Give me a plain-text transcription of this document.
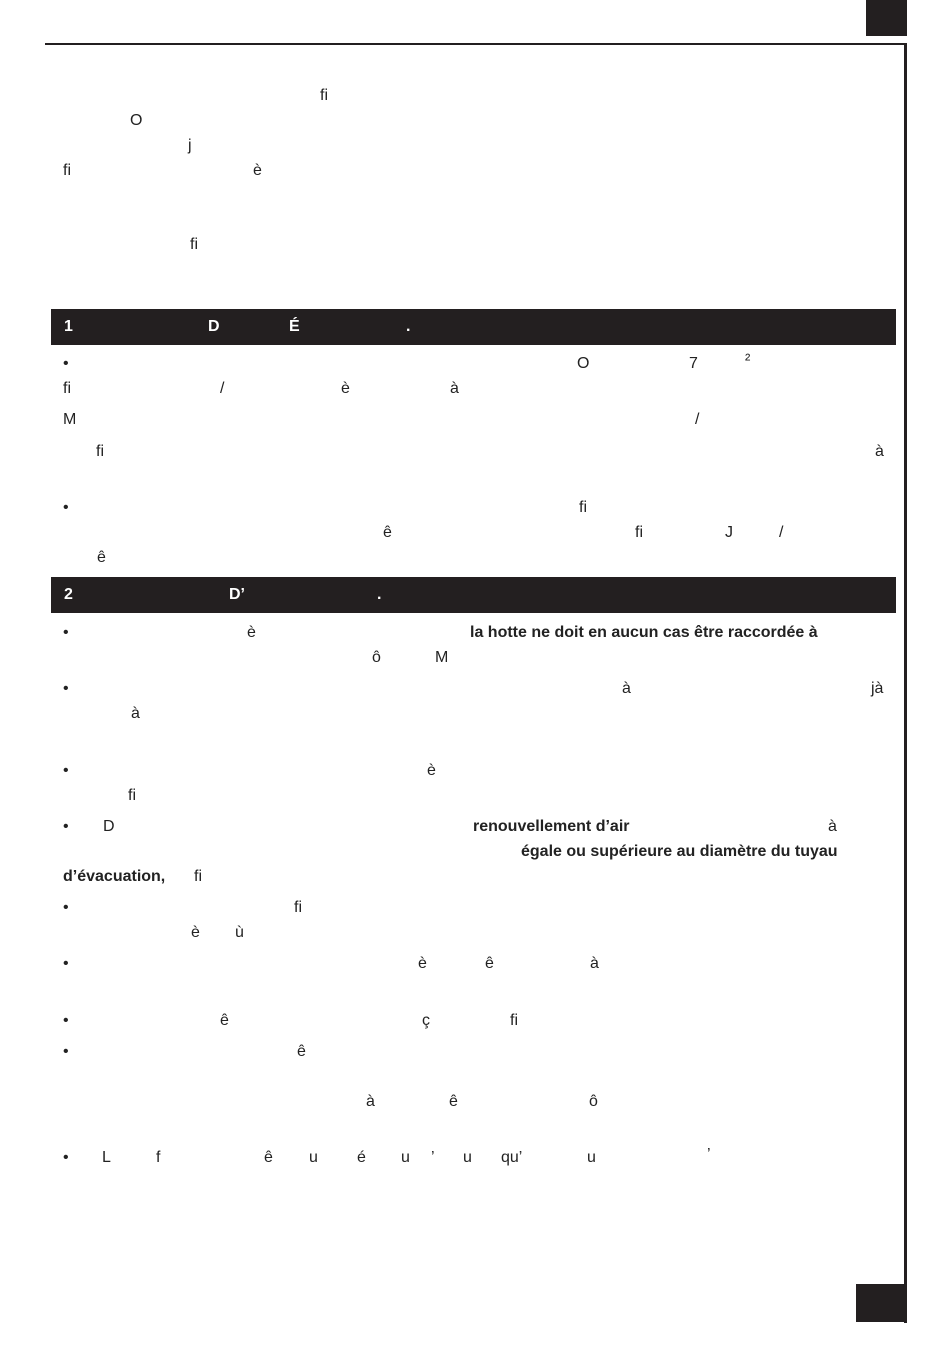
fi
O
j
fi	è
fi
1	D	É	.
•	O	7	²
fi	/	è	à
M	/
fi	à
•	fi
ê	fi	J	/
ê
2	D’	.
•	è	la hotte ne doit en aucun cas être raccordée à
ô	M
•	à	jà
à
•	è
fi
• D	renouvellement d’air	à
égale ou supérieure au diamètre du tuyau
d’évacuation, fi
•	fi
è ù
•	è	ê	à
•	ê	ç	fi
•	ê
à	ê	ô
• L	f	ê u é u ’ u qu’	u	’
